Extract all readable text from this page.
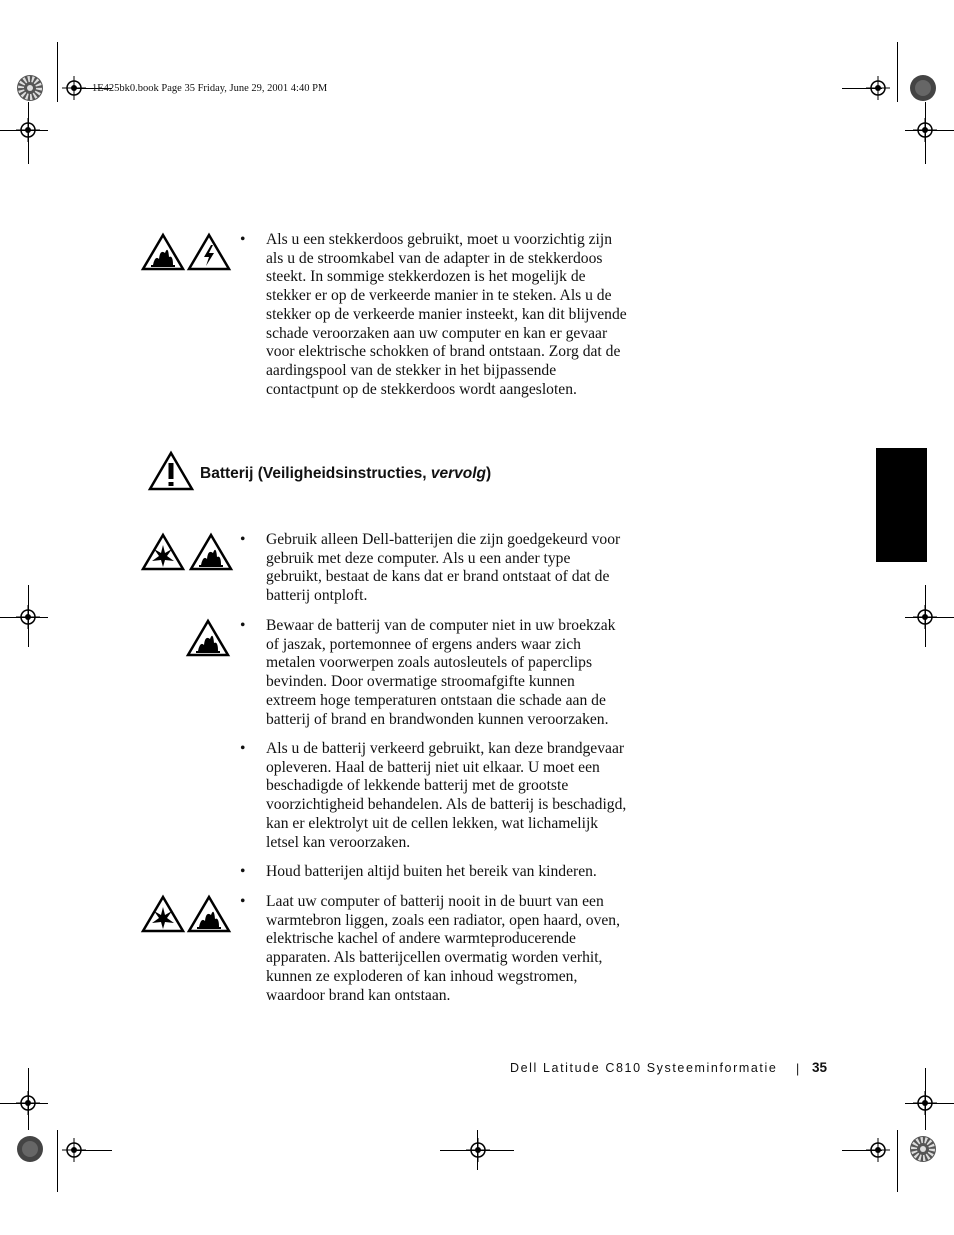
1E425bk0.book Page 35 Friday, June 29, 2001 4:40 PM
• Als u een stekkerdoos gebruikt, moet u voorzichtig zijn als u de stroomkabel van de adapter in de stekkerdoos steekt. In sommige stekkerdozen is het mogelijk de stekker er op de verkeerde manier in te steken. Als u de stekker op de verkeerde manier insteekt, kan dit blijvende schade veroorzaken aan uw computer en kan er gevaar voor elektrische schokken of brand ontstaan. Zorg dat de aardingspool van de stekker in het bijpassende contactpunt op de stekkerdoos wordt aangesloten.
Batterij (Veiligheidsinstructies, vervolg)
• Gebruik alleen Dell-batterijen die zijn goedgekeurd voor gebruik met deze computer. Als u een ander type gebruikt, bestaat de kans dat er brand ontstaat of dat de batterij ontploft.
• Bewaar de batterij van de computer niet in uw broekzak of jaszak, portemonnee of ergens anders waar zich metalen voorwerpen zoals autosleutels of paperclips bevinden. Door overmatige stroomafgifte kunnen extreem hoge temperaturen ontstaan die schade aan de batterij of brand en brandwonden kunnen veroorzaken.
• Als u de batterij verkeerd gebruikt, kan deze brandgevaar opleveren. Haal de batterij niet uit elkaar. U moet een beschadigde of lekkende batterij met de grootste voorzichtigheid behandelen. Als de batterij is beschadigd, kan er elektrolyt uit de cellen lekken, wat lichamelijk letsel kan veroorzaken.
• Houd batterijen altijd buiten het bereik van kinderen.
• Laat uw computer of batterij nooit in de buurt van een warmtebron liggen, zoals een radiator, open haard, oven, elektrische kachel of andere warmteproducerende apparaten. Als batterijcellen overmatig worden verhit, kunnen ze exploderen of kan inhoud wegstromen, waardoor brand kan ontstaan.
Dell Latitude C810 Systeeminformatie | 35
